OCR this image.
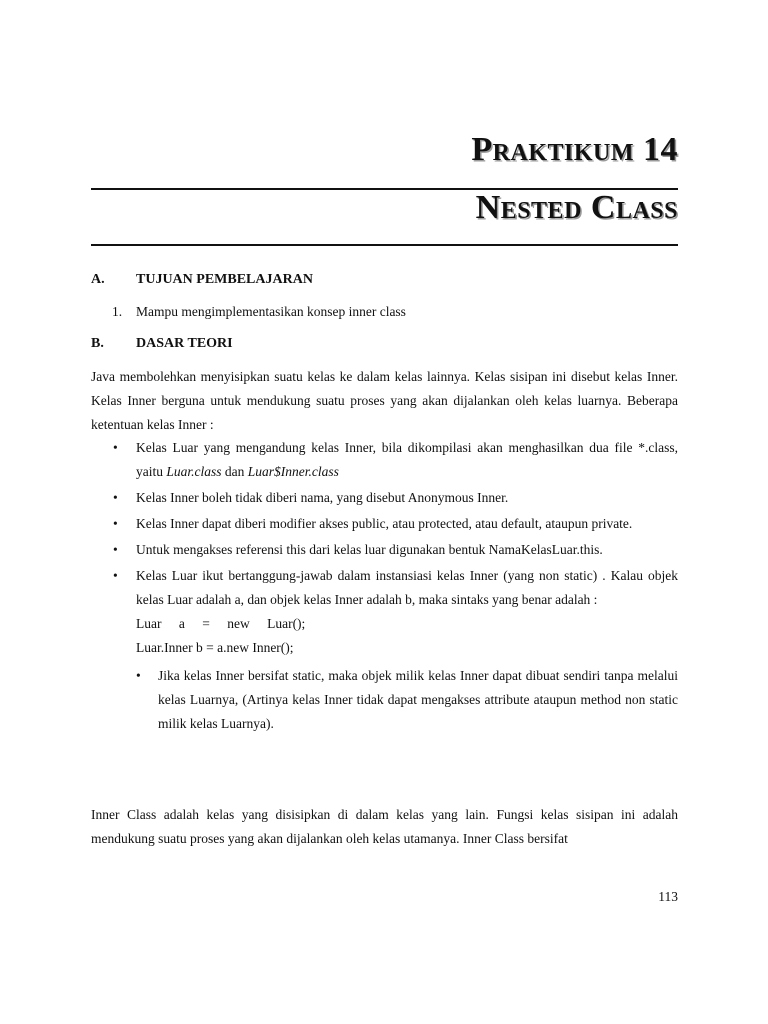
Praktikum 14
Nested Class
A. TUJUAN PEMBELAJARAN
1. Mampu mengimplementasikan konsep inner class
B. DASAR TEORI

Java membolehkan menyisipkan suatu kelas ke dalam kelas lainnya. Kelas sisipan ini disebut kelas Inner. Kelas Inner berguna untuk mendukung suatu proses yang akan dijalankan oleh kelas luarnya. Beberapa ketentuan kelas Inner :

• Kelas Luar yang mengandung kelas Inner, bila dikompilasi akan menghasilkan dua file *.class, yaitu Luar.class dan Luar$Inner.class
• Kelas Inner boleh tidak diberi nama, yang disebut Anonymous Inner.
• Kelas Inner dapat diberi modifier akses public, atau protected, atau default, ataupun private.
• Untuk mengakses referensi this dari kelas luar digunakan bentuk NamaKelasLuar.this.
• Kelas Luar ikut bertanggung-jawab dalam instansiasi kelas Inner (yang non static) . Kalau objek kelas Luar adalah a, dan objek kelas Inner adalah b, maka sintaks yang benar adalah :
Luar a = new Luar();
Luar.Inner b = a.new Inner();
• Jika kelas Inner bersifat static, maka objek milik kelas Inner dapat dibuat sendiri tanpa melalui kelas Luarnya, (Artinya kelas Inner tidak dapat mengakses attribute ataupun method non static milik kelas Luarnya).

Inner Class adalah kelas yang disisipkan di dalam kelas yang lain. Fungsi kelas sisipan ini adalah mendukung suatu proses yang akan dijalankan oleh kelas utamanya. Inner Class bersifat

113
